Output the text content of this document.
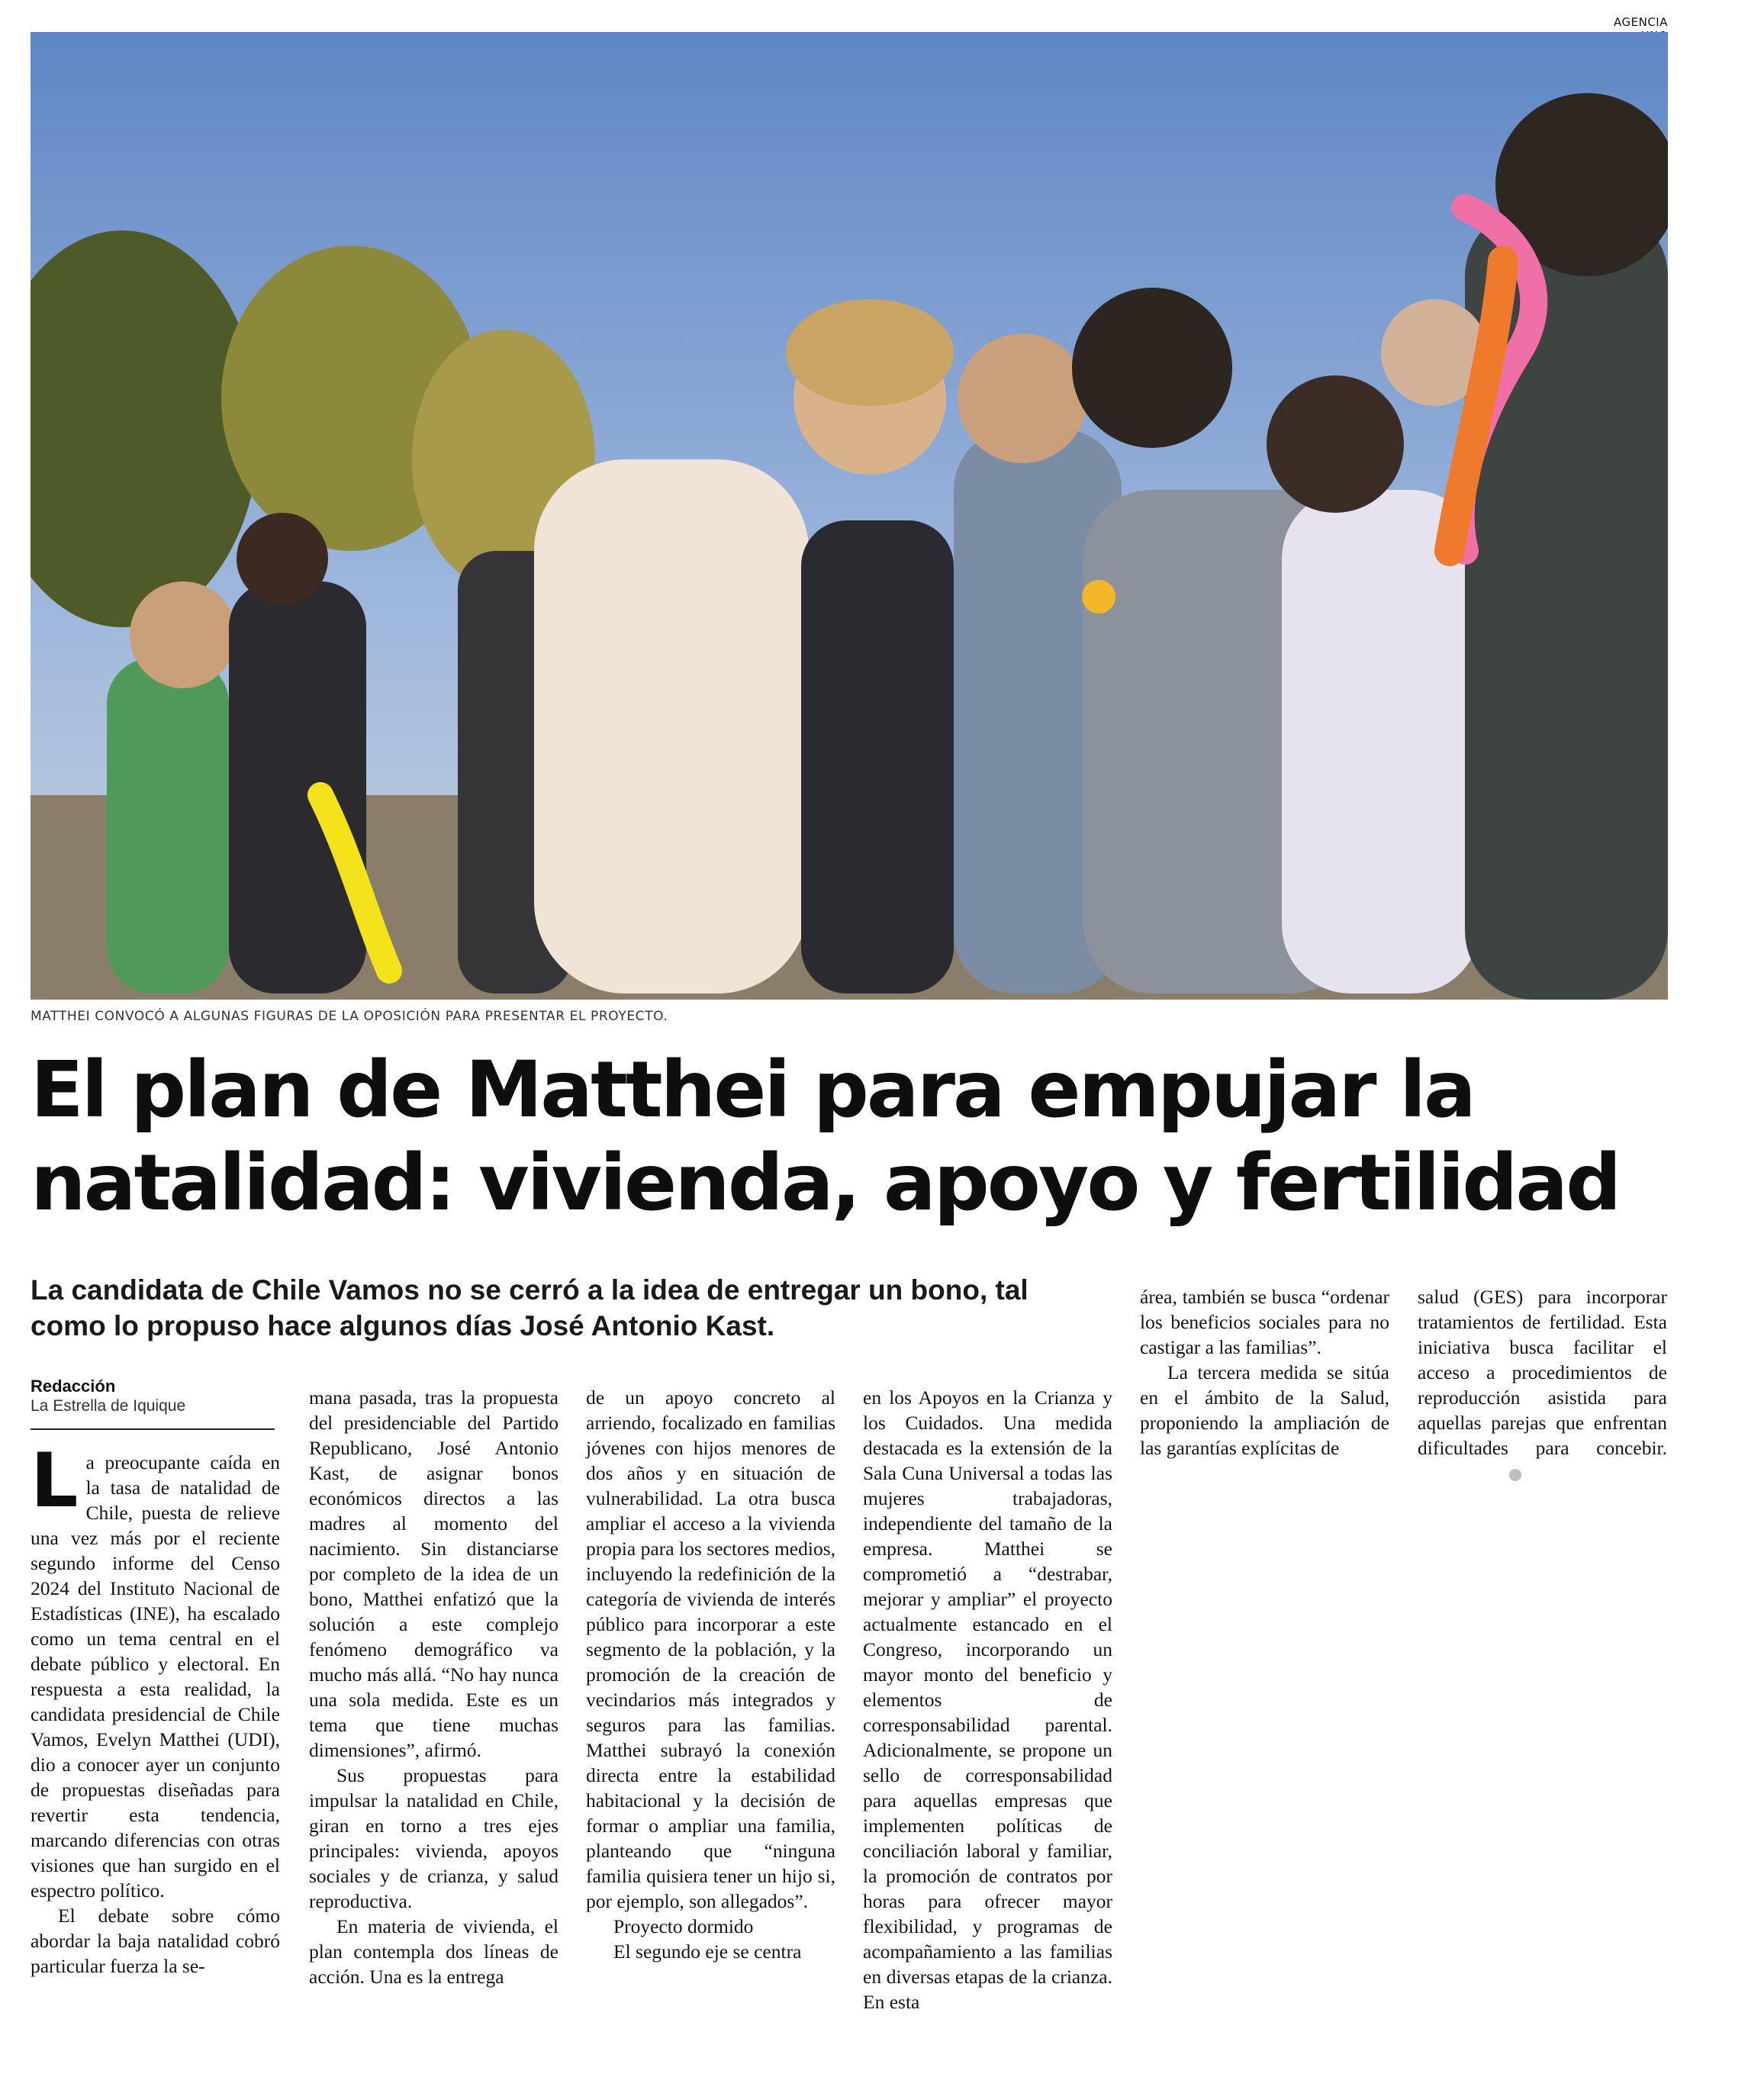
AGENCIA
MATTHEI CONVOCÓ A ALGUNAS FIGURAS DE LA OPOSICIÓN PARA PRESENTAR EL PROYECTO.
El plan de Matthei para empujar la
natalidad: vivienda, apoyo y fertilidad

La candidata de Chile Vamos no se cerró a la idea de entregar un bono, tal como lo propuso hace algunos días José Antonio Kast.

Redacción
La Estrella de Iquique

La preocupante caída en la tasa de natalidad de Chile, puesta de relieve una vez más por el reciente segundo informe del Censo 2024 del Instituto Nacional de Estadísticas (INE), ha escalado como un tema central en el debate público y electoral. En respuesta a esta realidad, la candidata presidencial de Chile Vamos, Evelyn Matthei (UDI), dio a conocer ayer un conjunto de propuestas diseñadas para revertir esta tendencia, marcando diferencias con otras visiones que han surgido en el espectro político.

El debate sobre cómo abordar la baja natalidad cobró particular fuerza la se-

mana pasada, tras la propuesta del presidenciable del Partido Republicano, José Antonio Kast, de asignar bonos económicos directos a las madres al momento del nacimiento. Sin distanciarse por completo de la idea de un bono, Matthei enfatizó que la solución a este complejo fenómeno demográfico va mucho más allá. “No hay nunca una sola medida. Este es un tema que tiene muchas dimensiones”, afirmó.

Sus propuestas para impulsar la natalidad en Chile, giran en torno a tres ejes principales: vivienda, apoyos sociales y de crianza, y salud reproductiva.

En materia de vivienda, el plan contempla dos líneas de acción. Una es la entrega

de un apoyo concreto al arriendo, focalizado en familias jóvenes con hijos menores de dos años y en situación de vulnerabilidad. La otra busca ampliar el acceso a la vivienda propia para los sectores medios, incluyendo la redefinición de la categoría de vivienda de interés público para incorporar a este segmento de la población, y la promoción de la creación de vecindarios más integrados y seguros para las familias. Matthei subrayó la conexión directa entre la estabilidad habitacional y la decisión de formar o ampliar una familia, planteando que “ninguna familia quisiera tener un hijo si, por ejemplo, son allegados”.

Proyecto dormido

El segundo eje se centra

en los Apoyos en la Crianza y los Cuidados. Una medida destacada es la extensión de la Sala Cuna Universal a todas las mujeres trabajadoras, independiente del tamaño de la empresa. Matthei se comprometió a “destrabar, mejorar y ampliar” el proyecto actualmente estancado en el Congreso, incorporando un mayor monto del beneficio y elementos de corresponsabilidad parental. Adicionalmente, se propone un sello de corresponsabilidad para aquellas empresas que implementen políticas de conciliación laboral y familiar, la promoción de contratos por horas para ofrecer mayor flexibilidad, y programas de acompañamiento a las familias en diversas etapas de la crianza. En esta

área, también se busca “ordenar los beneficios sociales para no castigar a las familias”.

La tercera medida se sitúa en el ámbito de la Salud, proponiendo la ampliación de las garantías explícitas de

salud (GES) para incorporar tratamientos de fertilidad. Esta iniciativa busca facilitar el acceso a procedimientos de reproducción asistida para aquellas parejas que enfrentan dificultades para concebir.
